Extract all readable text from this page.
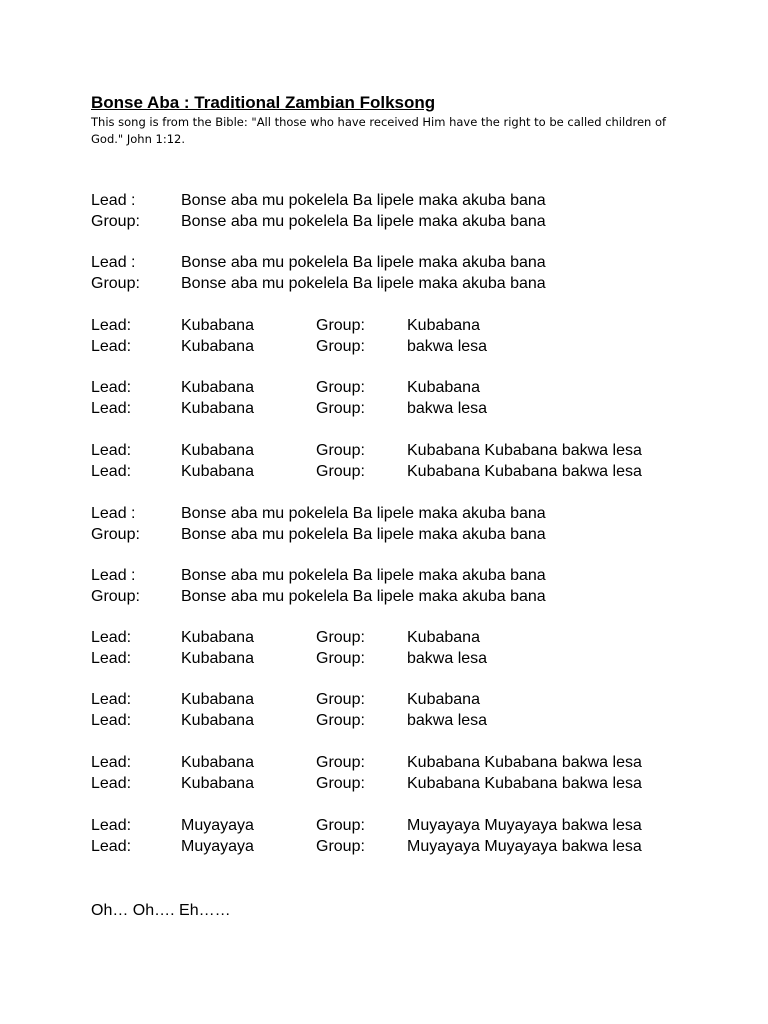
Bonse Aba : Traditional Zambian Folksong
This song is from the Bible: "All those who have received Him have the right to be called children of God." John 1:12.
Lead :	Bonse aba mu pokelela Ba lipele maka akuba bana
Group:	Bonse aba mu pokelela Ba lipele maka akuba bana
Lead :	Bonse aba mu pokelela Ba lipele maka akuba bana
Group:	Bonse aba mu pokelela Ba lipele maka akuba bana
Lead:	Kubabana	Group:	Kubabana
Lead:	Kubabana	Group:	bakwa lesa
Lead:	Kubabana	Group:	Kubabana
Lead:	Kubabana	Group:	bakwa lesa
Lead:	Kubabana	Group:	Kubabana Kubabana bakwa lesa
Lead:	Kubabana	Group:	Kubabana Kubabana bakwa lesa
Lead :	Bonse aba mu pokelela Ba lipele maka akuba bana
Group:	Bonse aba mu pokelela Ba lipele maka akuba bana
Lead :	Bonse aba mu pokelela Ba lipele maka akuba bana
Group:	Bonse aba mu pokelela Ba lipele maka akuba bana
Lead:	Kubabana	Group:	Kubabana
Lead:	Kubabana	Group:	bakwa lesa
Lead:	Kubabana	Group:	Kubabana
Lead:	Kubabana	Group:	bakwa lesa
Lead:	Kubabana	Group:	Kubabana Kubabana bakwa lesa
Lead:	Kubabana	Group:	Kubabana Kubabana bakwa lesa
Lead:	Muyayaya	Group:	Muyayaya Muyayaya bakwa lesa
Lead:	Muyayaya	Group:	Muyayaya Muyayaya bakwa lesa
Oh… Oh…. Eh……
